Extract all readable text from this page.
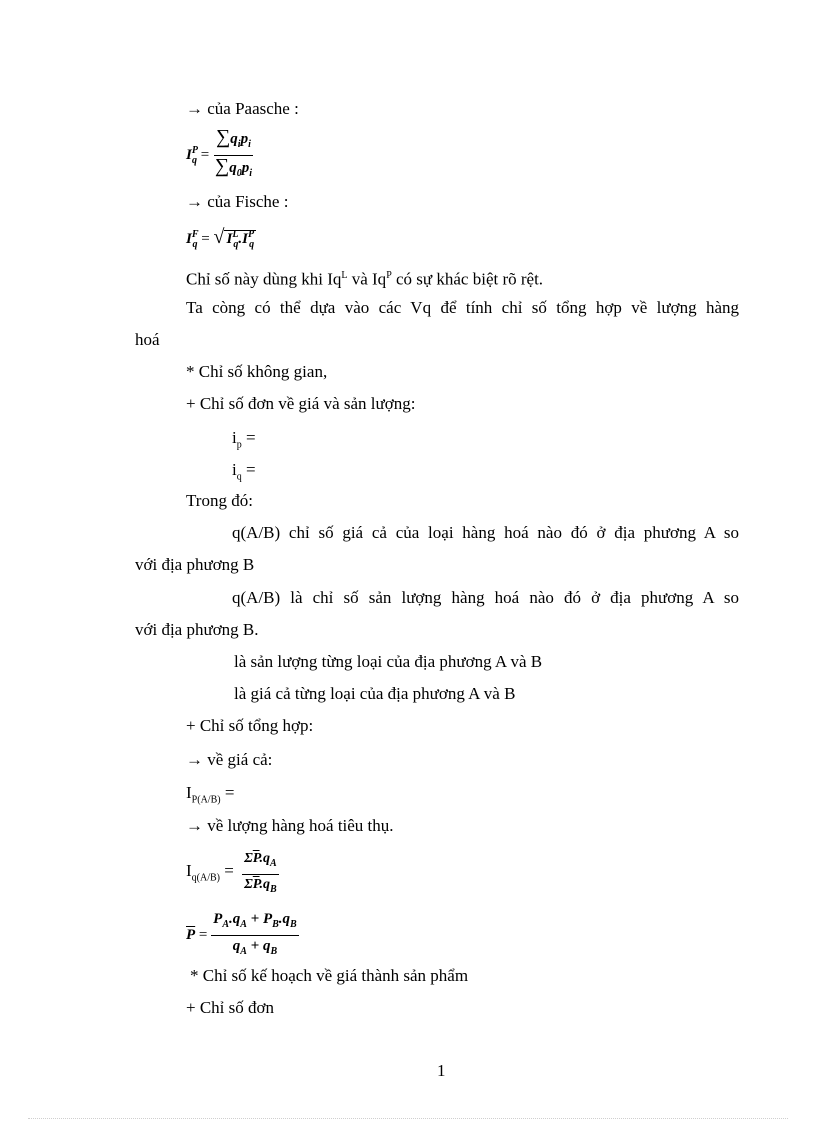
→ của Paasche :
$I^P_q = \frac{\sum q_ip_i}{\sum q_0p_i}$
→ của Fische :
$I^F_q$ = √ $I^L_q.I^P_q$
Chỉ số này dùng khi $Iq^L$ và $Iq^P$ có sự khác biệt rõ rệt.
Ta còng có thể dựa vào các Vq để tính chỉ số tổng hợp về lượng hàng
hoá
* Chỉ số không gian,
+ Chỉ số đơn về giá và sản lượng:
$i_p$ =
$i_q$ =
Trong đó:
q(A/B) chỉ số giá cả của loại hàng hoá nào đó ở địa phương A so
với địa phương B
q(A/B) là chỉ số sản lượng hàng hoá nào đó ở địa phương A so
với địa phương B.
là sản lượng từng loại của địa phương A và B
là giá cả từng loại của địa phương A và B
+ Chỉ số tổng hợp:
→ về giá cả:
$I_{P(A/B)}$ =
→ về lượng hàng hoá tiêu thụ.
$I_{q(A/B)} = \frac{\Sigma\overline{P}.q_A}{\Sigma\overline{P}.q_B}$
$\overline{P} = \frac{P_A.q_A + P_B.q_B}{q_A + q_B}$
* Chỉ số kế hoạch về giá thành sản phẩm
+ Chỉ số đơn
1
